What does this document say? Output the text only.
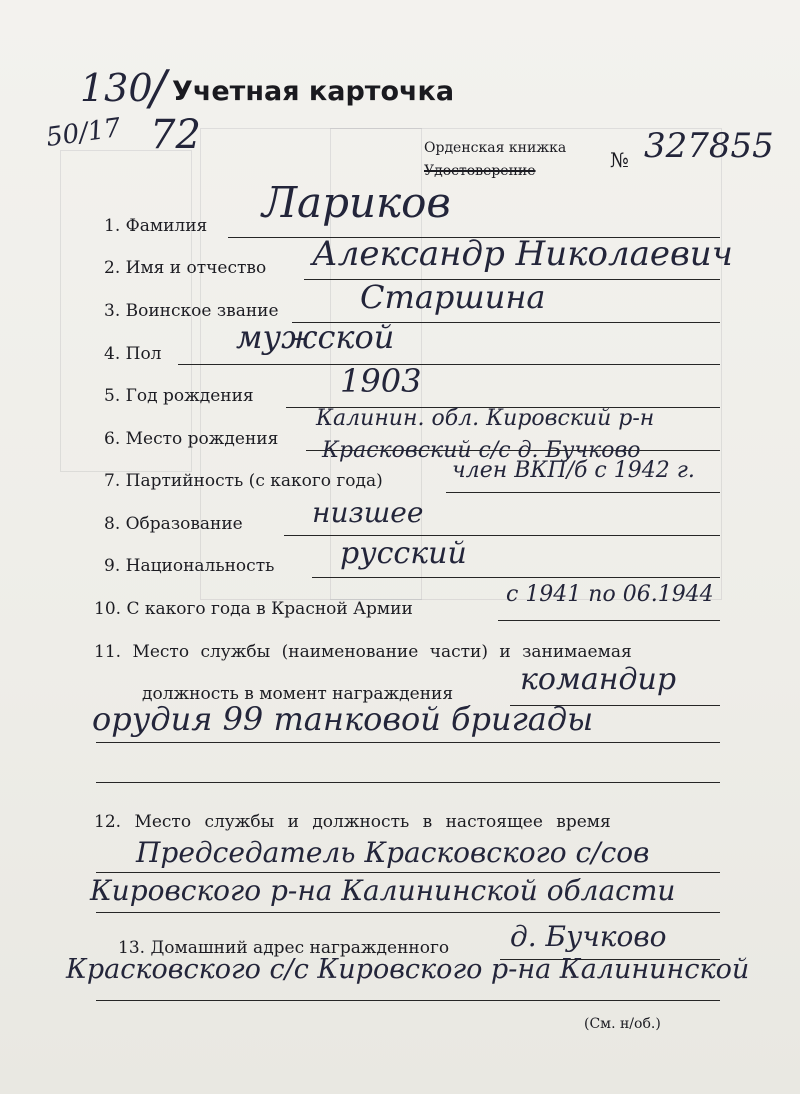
130
/
50/17 72
Учетная карточка
Орденская книжка
Удостоверение	№ 327855
1. Фамилия Лариков
2. Имя и отчество Александр Николаевич
3. Воинское звание	Старшина
4. Пол мужской
5. Год рождения	1903
6. Место рождения
Калинин. обл. Кировский р-н
Красковский с/с д. Бучково
7. Партийность (с какого года)	член ВКП/б с 1942 г.
8. Образование низшее
9. Национальность русский
10. С какого года в Красной Армии
с 1941 по 06.1944
11. Место службы (наименование части) и занимаемая
должность в момент награждения командир
орудия 99 танковой бригады
12. Место службы и должность в настоящее время
Председатель Красковского с/сов
Кировского р-на Калининской области
13. Домашний адрес награжденного д. Бучково
Красковского с/с Кировского р-на Калининской
(См. н/об.)
